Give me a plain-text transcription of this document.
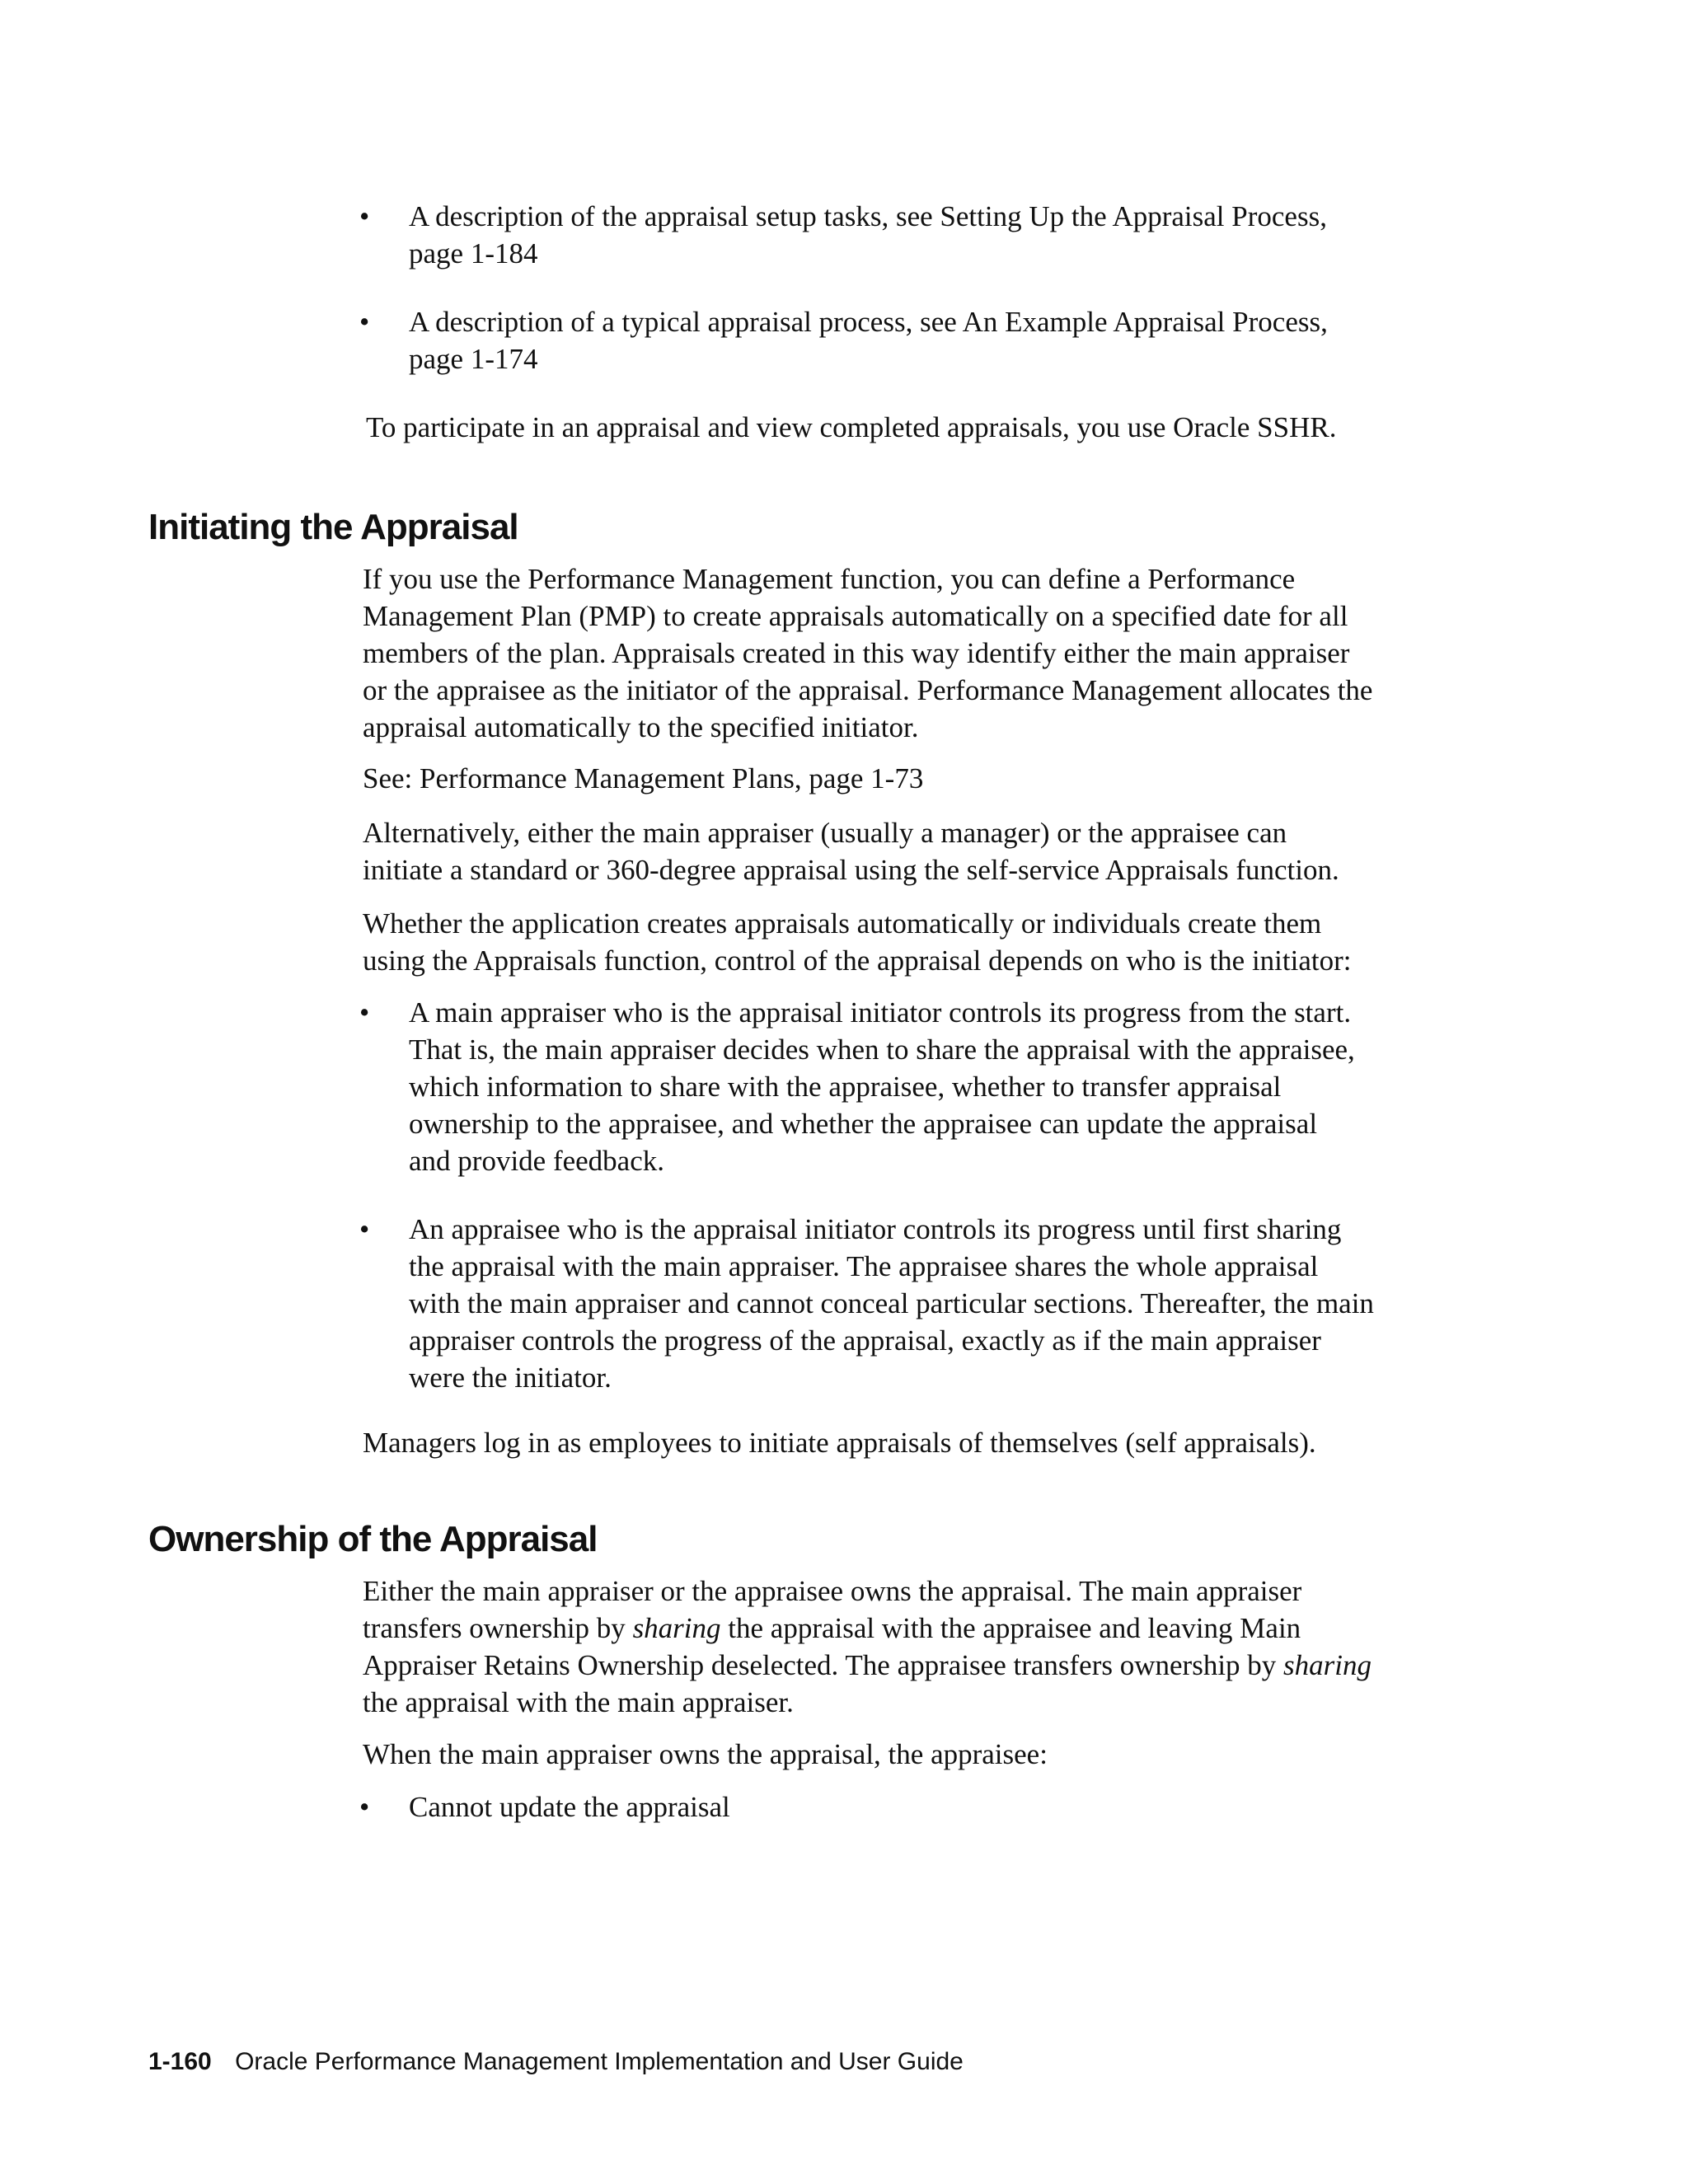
•	A description of the appraisal setup tasks, see Setting Up the Appraisal Process,
page 1-184
•	A description of a typical appraisal process, see An Example Appraisal Process,
page 1-174

To participate in an appraisal and view completed appraisals, you use Oracle SSHR.

Initiating the Appraisal
If you use the Performance Management function, you can define a Performance
Management Plan (PMP) to create appraisals automatically on a specified date for all
members of the plan. Appraisals created in this way identify either the main appraiser
or the appraisee as the initiator of the appraisal. Performance Management allocates the
appraisal automatically to the specified initiator.

See: Performance Management Plans, page 1-73

Alternatively, either the main appraiser (usually a manager) or the appraisee can
initiate a standard or 360-degree appraisal using the self-service Appraisals function.
Whether the application creates appraisals automatically or individuals create them
using the Appraisals function, control of the appraisal depends on who is the initiator:
•	A main appraiser who is the appraisal initiator controls its progress from the start.
That is, the main appraiser decides when to share the appraisal with the appraisee,
which information to share with the appraisee, whether to transfer appraisal
ownership to the appraisee, and whether the appraisee can update the appraisal
and provide feedback.
•	An appraisee who is the appraisal initiator controls its progress until first sharing
the appraisal with the main appraiser. The appraisee shares the whole appraisal
with the main appraiser and cannot conceal particular sections. Thereafter, the main
appraiser controls the progress of the appraisal, exactly as if the main appraiser
were the initiator.

Managers log in as employees to initiate appraisals of themselves (self appraisals).

Ownership of the Appraisal
Either the main appraiser or the appraisee owns the appraisal. The main appraiser
transfers ownership by sharing the appraisal with the appraisee and leaving Main
Appraiser Retains Ownership deselected. The appraisee transfers ownership by sharing
the appraisal with the main appraiser.

When the main appraiser owns the appraisal, the appraisee:

•	Cannot update the appraisal
1-160 Oracle Performance Management Implementation and User Guide
